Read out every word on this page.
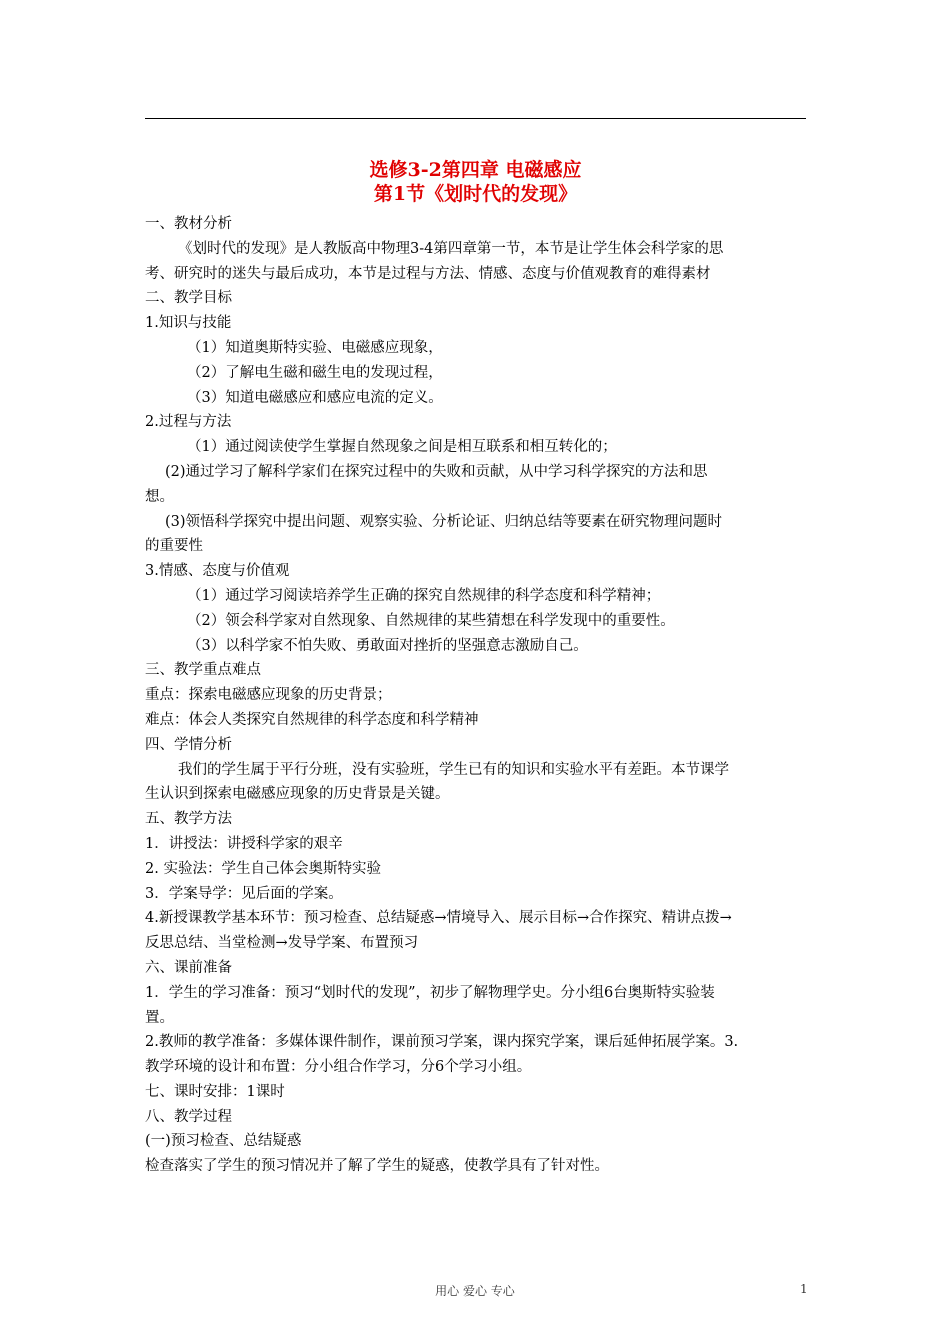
选修3-2第四章 电磁感应
第1节《划时代的发现》
一、教材分析
《划时代的发现》是人教版高中物理3-4第四章第一节，本节是让学生体会科学家的思
考、研究时的迷失与最后成功，本节是过程与方法、情感、态度与价值观教育的难得素材
二、教学目标
1.知识与技能
（1）知道奥斯特实验、电磁感应现象，
（2）了解电生磁和磁生电的发现过程，
（3）知道电磁感应和感应电流的定义。
2.过程与方法
（1）通过阅读使学生掌握自然现象之间是相互联系和相互转化的；
(2)通过学习了解科学家们在探究过程中的失败和贡献，从中学习科学探究的方法和思
想。
(3)领悟科学探究中提出问题、观察实验、分析论证、归纳总结等要素在研究物理问题时
的重要性
3.情感、态度与价值观
（1）通过学习阅读培养学生正确的探究自然规律的科学态度和科学精神；
（2）领会科学家对自然现象、自然规律的某些猜想在科学发现中的重要性。
（3）以科学家不怕失败、勇敢面对挫折的坚强意志激励自己。
三、教学重点难点
重点：探索电磁感应现象的历史背景；
难点：体会人类探究自然规律的科学态度和科学精神
四、学情分析
我们的学生属于平行分班，没有实验班，学生已有的知识和实验水平有差距。本节课学
生认识到探索电磁感应现象的历史背景是关键。
五、教学方法
1．讲授法：讲授科学家的艰辛
2. 实验法：学生自己体会奥斯特实验
3．学案导学：见后面的学案。
4.新授课教学基本环节：预习检查、总结疑惑→情境导入、展示目标→合作探究、精讲点拨→
反思总结、当堂检测→发导学案、布置预习
六、课前准备
1．学生的学习准备：预习“划时代的发现”，初步了解物理学史。分小组6台奥斯特实验装
置。
2.教师的教学准备：多媒体课件制作，课前预习学案，课内探究学案，课后延伸拓展学案。3.
教学环境的设计和布置：分小组合作学习，分6个学习小组。
七、课时安排：1课时
八、教学过程
(一)预习检查、总结疑惑
检查落实了学生的预习情况并了解了学生的疑惑，使教学具有了针对性。
用心 爱心 专心	1
